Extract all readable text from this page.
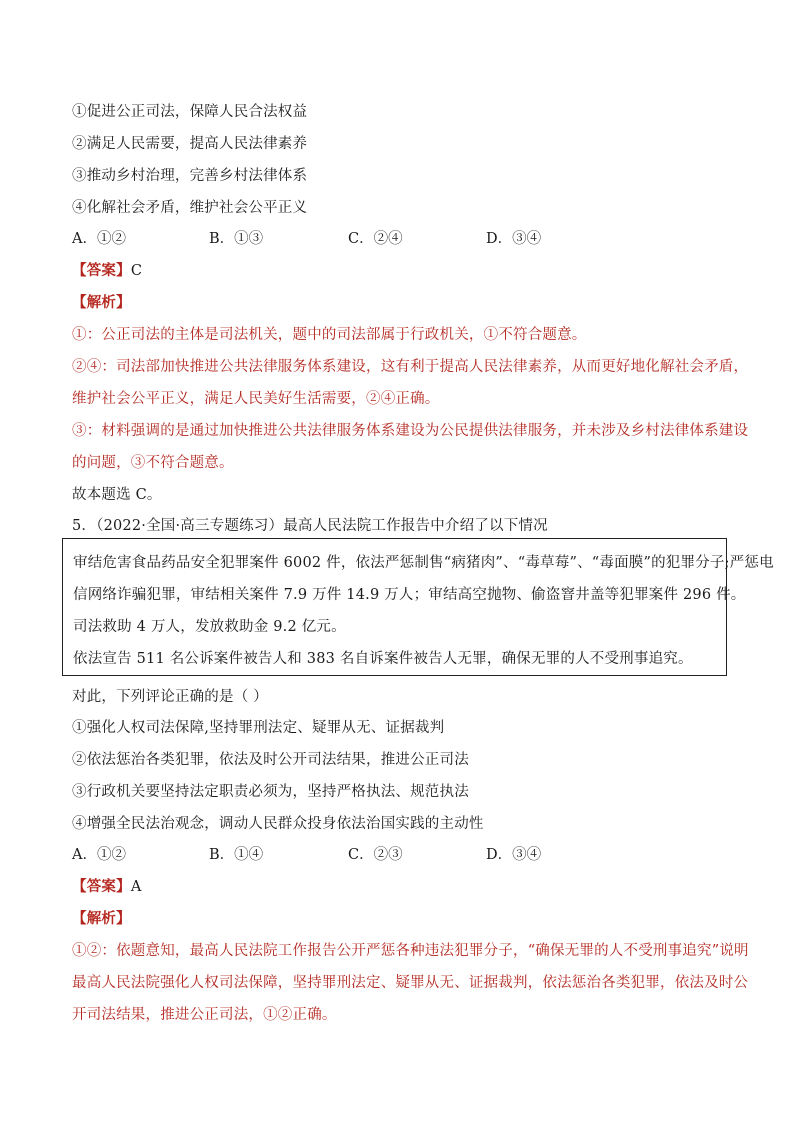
①促进公正司法，保障人民合法权益
②满足人民需要，提高人民法律素养
③推动乡村治理，完善乡村法律体系
④化解社会矛盾，维护社会公平正义
A．①②	B．①③	C．②④	D．③④
【答案】C
【解析】
①：公正司法的主体是司法机关，题中的司法部属于行政机关，①不符合题意。
②④：司法部加快推进公共法律服务体系建设，这有利于提高人民法律素养，从而更好地化解社会矛盾，
维护社会公平正义，满足人民美好生活需要，②④正确。
③：材料强调的是通过加快推进公共法律服务体系建设为公民提供法律服务，并未涉及乡村法律体系建设
的问题，③不符合题意。
故本题选 C。
5．（2022·全国·高三专题练习）最高人民法院工作报告中介绍了以下情况
审结危害食品药品安全犯罪案件 6002 件，依法严惩制售“病猪肉”、“毒草莓”、“毒面膜”的犯罪分子;严惩电
信网络诈骗犯罪，审结相关案件 7.9 万件 14.9 万人；审结高空抛物、偷盗窨井盖等犯罪案件 296 件。
司法救助 4 万人，发放救助金 9.2 亿元。
依法宣告 511 名公诉案件被告人和 383 名自诉案件被告人无罪，确保无罪的人不受刑事追究。
对此，下列评论正确的是（ ）
①强化人权司法保障,坚持罪刑法定、疑罪从无、证据裁判
②依法惩治各类犯罪，依法及时公开司法结果，推进公正司法
③行政机关要坚持法定职责必须为，坚持严格执法、规范执法
④增强全民法治观念，调动人民群众投身依法治国实践的主动性
A．①②	B．①④	C．②③	D．③④
【答案】A
【解析】
①②：依题意知，最高人民法院工作报告公开严惩各种违法犯罪分子，“确保无罪的人不受刑事追究”说明
最高人民法院强化人权司法保障，坚持罪刑法定、疑罪从无、证据裁判，依法惩治各类犯罪，依法及时公
开司法结果，推进公正司法，①②正确。
